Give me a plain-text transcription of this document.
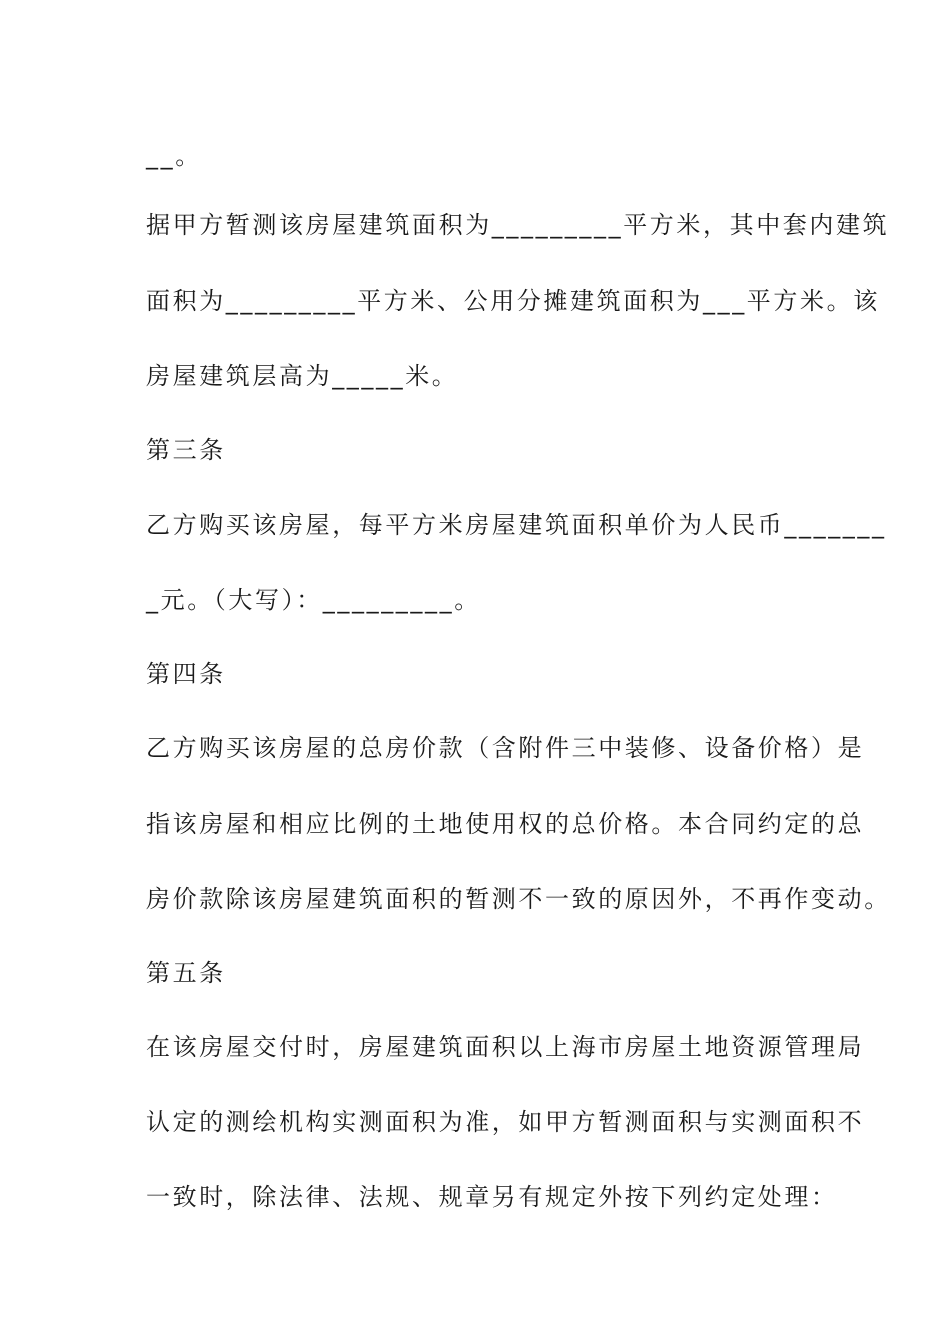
__。
据甲方暂测该房屋建筑面积为_________平方米，其中套内建筑
面积为_________平方米、公用分摊建筑面积为___平方米。该
房屋建筑层高为_____米。
第三条
乙方购买该房屋，每平方米房屋建筑面积单价为人民币_______
_元。（大写）：_________。
第四条
乙方购买该房屋的总房价款（含附件三中装修、设备价格）是
指该房屋和相应比例的土地使用权的总价格。本合同约定的总
房价款除该房屋建筑面积的暂测不一致的原因外，不再作变动。
第五条
在该房屋交付时，房屋建筑面积以上海市房屋土地资源管理局
认定的测绘机构实测面积为准，如甲方暂测面积与实测面积不
一致时，除法律、法规、规章另有规定外按下列约定处理：
